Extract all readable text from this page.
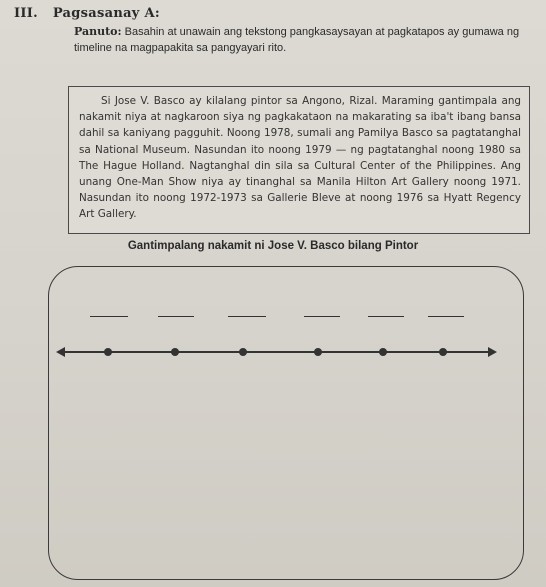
III. Pagsasanay A:
Panuto: Basahin at unawain ang tekstong pangkasaysayan at pagkatapos ay gumawa ng timeline na magpapakita sa pangyayari rito.

Si Jose V. Basco ay kilalang pintor sa Angono, Rizal. Maraming gantimpala ang nakamit niya at nagkaroon siya ng pagkakataon na makarating sa iba't ibang bansa dahil sa kaniyang pagguhit. Noong 1978, sumali ang Pamilya Basco sa pagtatanghal sa National Museum. Nasundan ito noong 1979 — ng pagtatanghal noong 1980 sa The Hague Holland. Nagtanghal din sila sa Cultural Center of the Philippines. Ang unang One-Man Show niya ay tinanghal sa Manila Hilton Art Gallery noong 1971. Nasundan ito noong 1972-1973 sa Gallerie Bleve at noong 1976 sa Hyatt Regency Art Gallery.

Gantimpalang nakamit ni Jose V. Basco bilang Pintor
